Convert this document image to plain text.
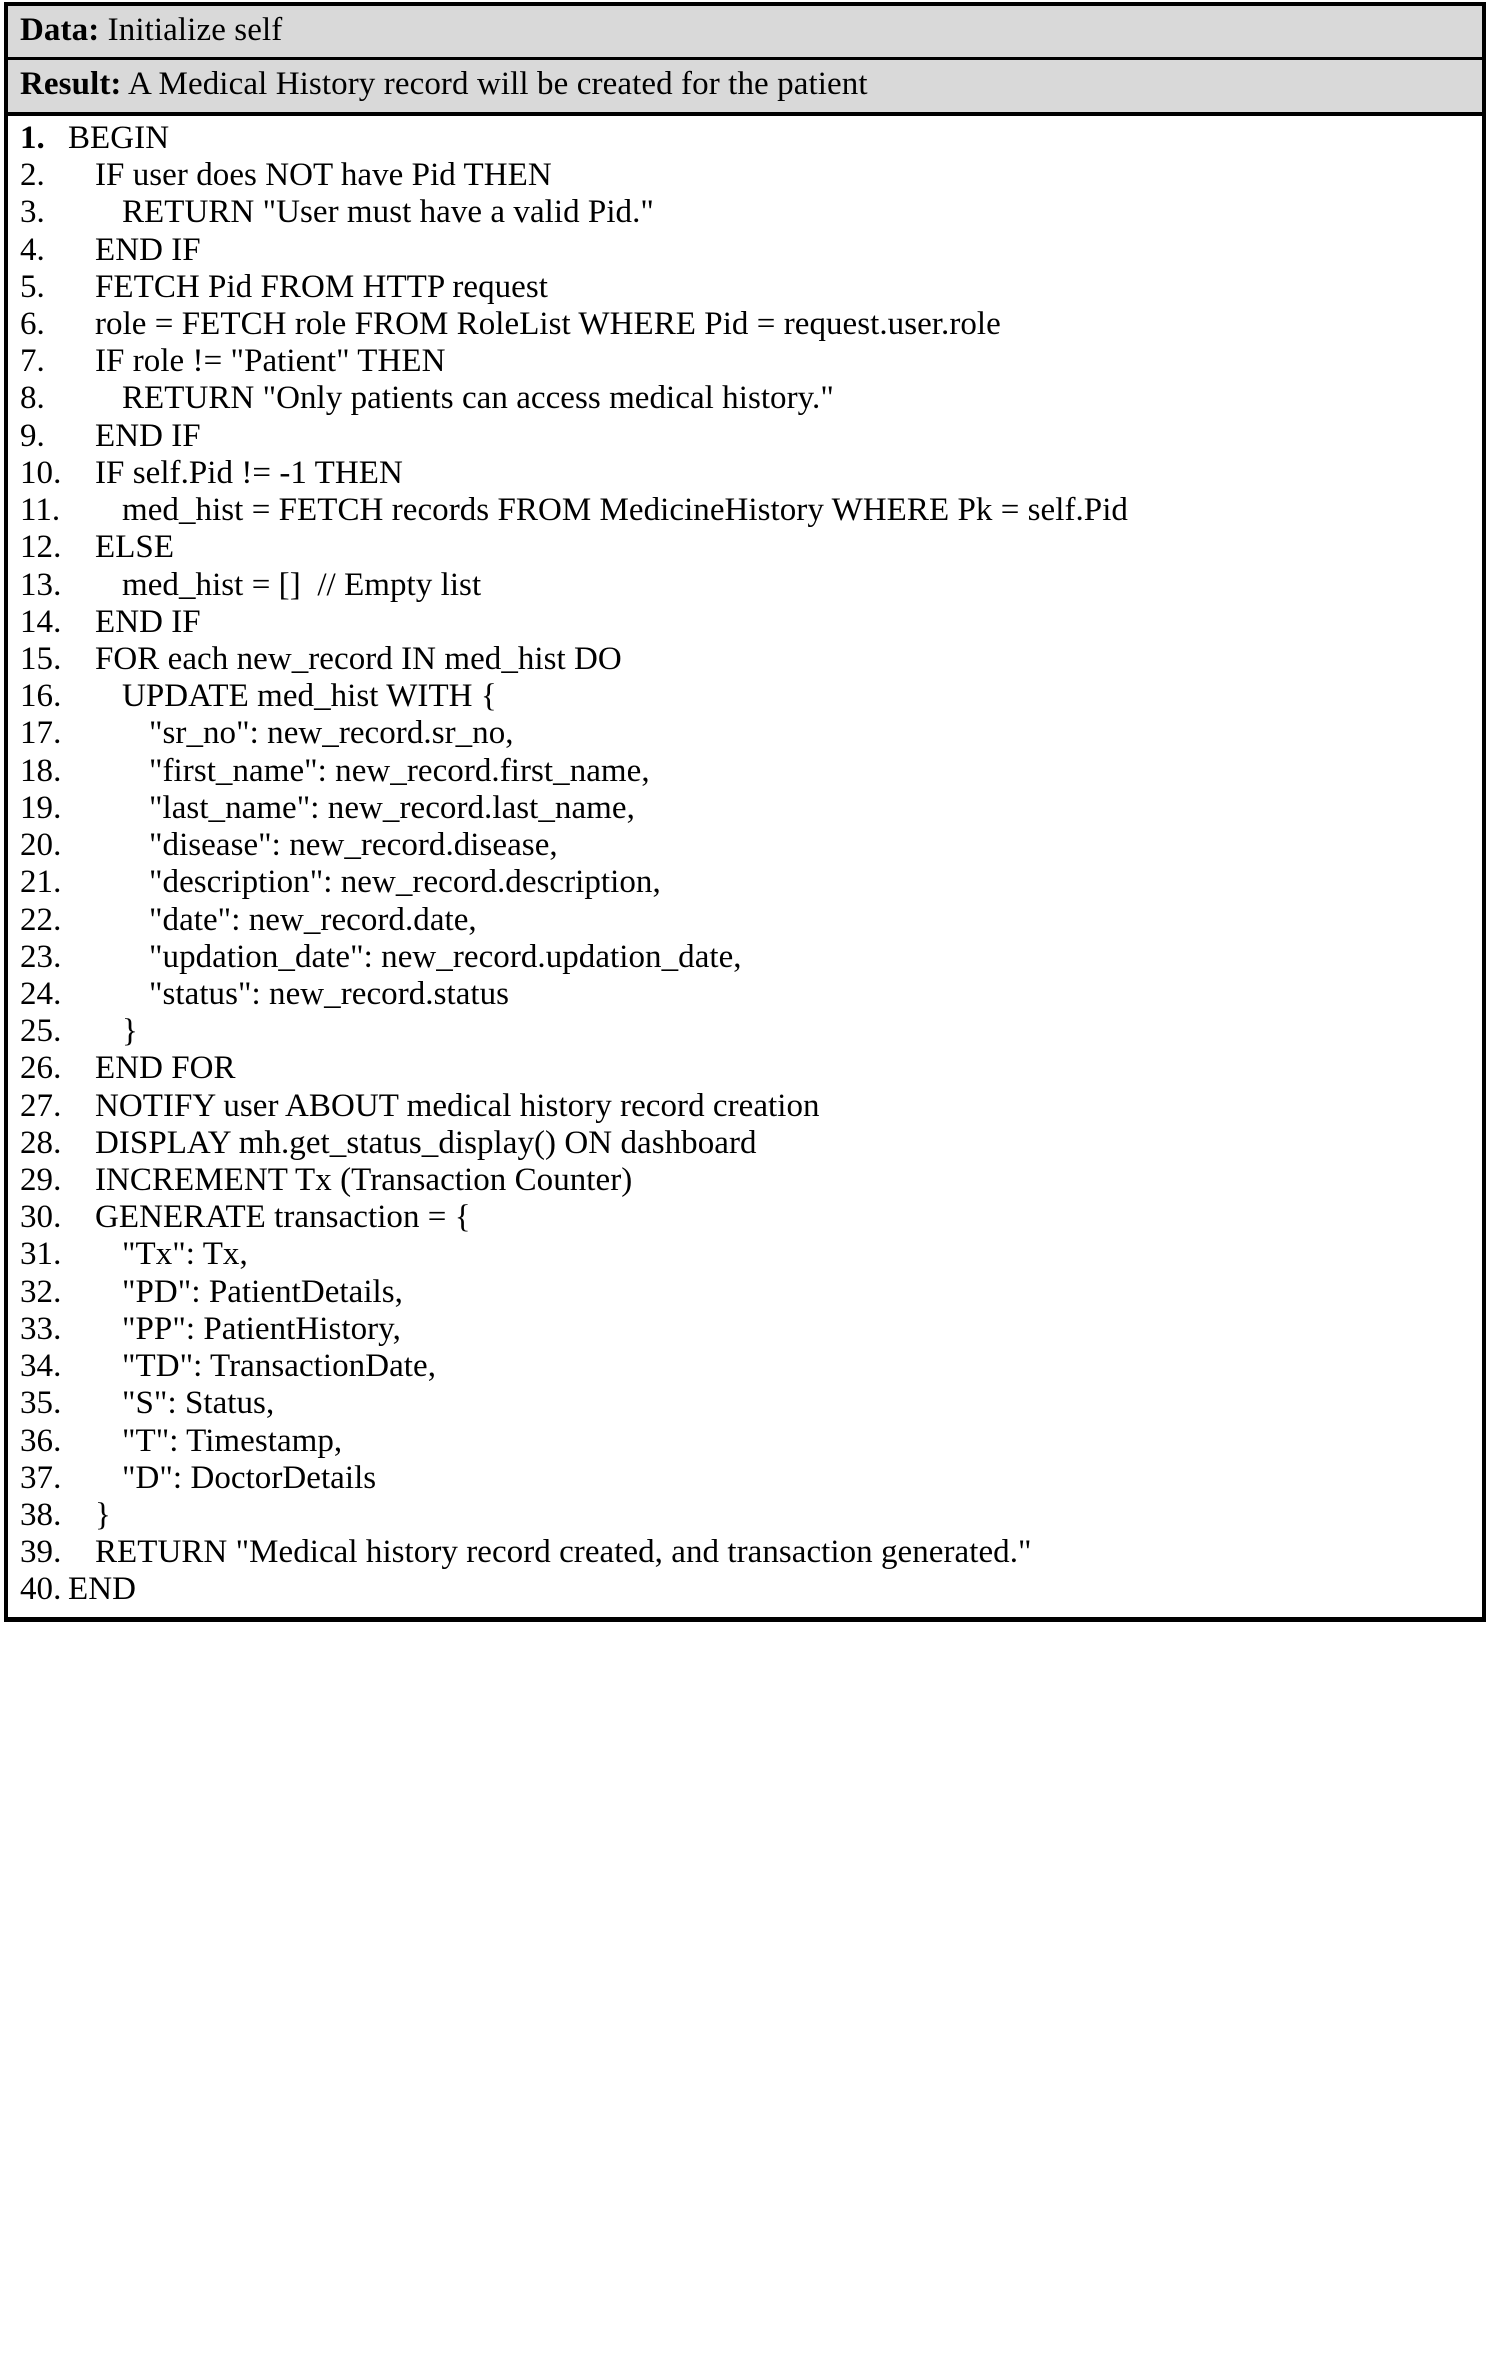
Data: Initialize self
Result: A Medical History record will be created for the patient
1. BEGIN
2. IF user does NOT have Pid THEN
3. RETURN "User must have a valid Pid."
4. END IF
5. FETCH Pid FROM HTTP request
6. role = FETCH role FROM RoleList WHERE Pid = request.user.role
7. IF role != "Patient" THEN
8. RETURN "Only patients can access medical history."
9. END IF
10. IF self.Pid != -1 THEN
11. med_hist = FETCH records FROM MedicineHistory WHERE Pk = self.Pid
12. ELSE
13. med_hist = []  // Empty list
14. END IF
15. FOR each new_record IN med_hist DO
16. UPDATE med_hist WITH {
17.	"sr_no": new_record.sr_no,
18.	"first_name": new_record.first_name,
19.	"last_name": new_record.last_name,
20.	"disease": new_record.disease,
21.	"description": new_record.description,
22.	"date": new_record.date,
23.	"updation_date": new_record.updation_date,
24.	"status": new_record.status
25. }
26. END FOR
27. NOTIFY user ABOUT medical history record creation
28. DISPLAY mh.get_status_display() ON dashboard
29. INCREMENT Tx (Transaction Counter)
30. GENERATE transaction = {
31. "Tx": Tx,
32. "PD": PatientDetails,
33. "PP": PatientHistory,
34. "TD": TransactionDate,
35. "S": Status,
36. "T": Timestamp,
37. "D": DoctorDetails
38. }
39. RETURN "Medical history record created, and transaction generated."
40. END
